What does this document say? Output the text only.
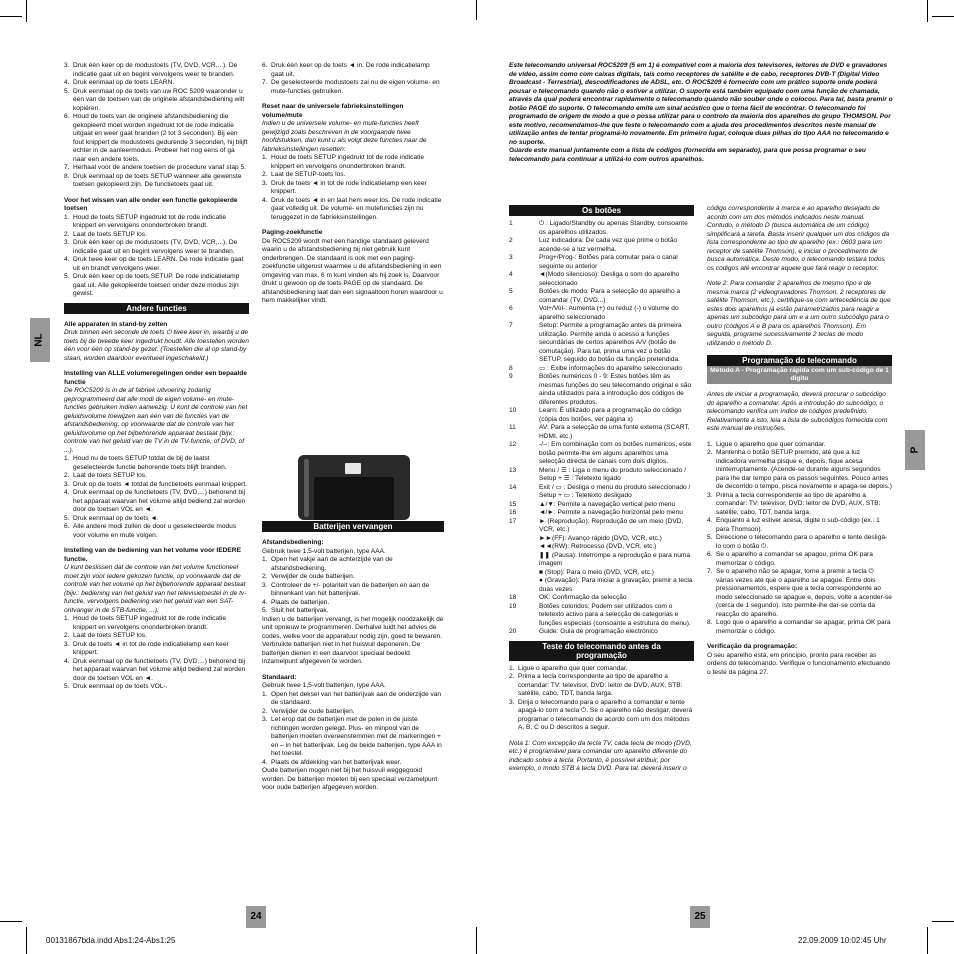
NL
P
24	25
00131867bda.indd Abs1:24-Abs1:25	22.09.2009 10:02:45 Uhr
3. Druk één keer op de modustoets (TV, DVD, VCR,...). De indicatie gaat uit en begint vervolgens weer te branden.
4. Druk eenmaal op de toets LEARN.
5. Druk eenmaal op de toets van uw ROC 5209 waaronder u één van de toetsen van de originele afstandsbediening wilt kopiëren.
6. Houd de toets van de originele afstandsbediening die gekopieerd moet worden ingedrukt tot de rode indicatie uitgaat en weer gaat branden (2 tot 3 seconden). Bij een fout knippert de modustoets gedurende 3 seconden, hij blijft echter in de aanleermodus. Probeer het nog eens of ga naar een andere toets.
7. Herhaal voor de andere toetsen de procedure vanaf stap 5.
8. Druk eenmaal op de toets SETUP wanneer alle gewenste toetsen gekopieerd zijn. De functietoets gaat uit.
Voor het wissen van alle onder een functie gekopieerde toetsen
1. Houd de toets SETUP ingedrukt tot de rode indicatie knippert en vervolgens ononderbroken brandt.
2. Laat de toets SETUP los.
3. Druk één keer op de modustoets (TV, DVD, VCR,...). De indicatie gaat uit en begint vervolgens weer te branden.
4. Druk twee keer op de toets LEARN. De rode indicatie gaat uit en brandt vervolgens weer.
5. Druk één keer op de toets SETUP. De rode indicatielamp gaat uit. Alle gekopieerde toetsen onder deze modus zijn gewist.
Andere functies
Alle apparaten in stand-by zetten
Druk binnen een seconde de toets ⏻ twee keer in, waarbij u de toets bij de tweede keer ingedrukt houdt. Alle toestellen worden één voor één op stand-by gezet. (Toestellen die al op stand-by staan, worden daardoor eventueel ingeschakeld.)
Instelling van ALLE volumeregelingen onder een bepaalde functie
De ROC5209 is in de af fabriek uitvoering zodanig geprogrammeerd dat alle modi de eigen volume- en mute-functies gebruiken indien aanwezig. U kunt de controle van het geluidsvolume toewijzen aan één van de functies van de afstandsbediening, op voorwaarde dat de controle van het geluidsvolume op het bijbehorende apparaat bestaat (bijv.: controle van het geluid van de TV in de TV-functie, of DVD, of ...).
1. Houd nu de toets SETUP totdat de bij de laatst geselecteerde functie behorende toets blijft branden.
2. Laat de toets SETUP los.
3. Druk op de toets ◄ totdat de functietoets eenmaal knippert.
4. Druk eenmaal op de functietoets (TV, DVD,...) behorend bij het apparaat waarvan het volume altijd bediend zal worden door de toetsen VOL en ◄.
5. Druk eenmaal op de toets ◄.
6. Alle andere modi zullen de door u geselecteerde modus voor volume en mute volgen.
Instelling van de bediening van het volume voor IEDERE functie.
U kunt beslissen dat de controle van het volume functioneel moet zijn voor iedere gekozen functie, op voorwaarde dat de controle van het volume op het bijbehorende apparaat bestaat (bijv.: bediening van het geluid van het televisietoestel in de tv-functie, vervolgens bediening van het geluid van een SAT-ontvanger in de STB-functie, ...).
1. Houd de toets SETUP ingedrukt tot de rode indicatie knippert en vervolgens ononderbroken brandt.
2. Laat de toets SETUP los.
3. Druk de toets ◄ in tot de rode indicatielamp een keer knippert.
4. Druk eenmaal op de functietoets (TV, DVD,...) behorend bij het apparaat waarvan het volume altijd bediend zal worden door de toetsen VOL en ◄.
5. Druk eenmaal op de toets VOL-.
6. Druk één keer op de toets ◄ in. De rode indicatielamp gaat uit.
7. De geselecteerde modustoets zal nu de eigen volume- en mute-functies gebruiken.
Reset naar de universele fabrieksinstellingen volume/mute
Indien u de universele volume- en mute-functies heeft gewijzigd zoals beschreven in de voorgaande twee hoofdstukken, dan kunt u als volgt deze functies naar de fabrieksinstellingen resetten:
1. Houd de toets SETUP ingedrukt tot de rode indicatie knippert en vervolgens ononderbroken brandt.
2. Laat de SETUP-toets los.
3. Druk de toets ◄ in tot de rode indicatielamp een keer knippert.
4. Druk de toets ◄ in en laat hem weer los. De rode indicatie gaat volledig uit. De volume- en mutefuncties zijn nu teruggezet in de fabrieksinstellingen.
Paging-zoekfunctie
De ROC5209 wordt met een handige standaard geleverd waarin u de afstandsbediening bij niet gebruik kunt onderbrengen. De standaard is ook met een paging-zoekfunctie uitgerust waarmee u de afstandsbediening in een omgeving van max. 6 m kunt vinden als hij zoek is. Daarvoor drukt u gewoon op de toets PAGE op de standaard. De afstandsbediening laat dan een signaaltoon horen waardoor u hem makkelijker vindt.
Batterijen vervangen
Afstandsbediening:
Gebruik twee 1,5-volt batterijen, type AAA.
1. Open het vakje aan de achterzijde van de afstandsbediening.
2. Verwijder de oude batterijen.
3. Controleer de +/- polariteit van de batterijen en aan de binnenkant van het batterijvak.
4. Plaats de batterijen.
5. Sluit het batterijvak.
Indien u de batterijen vervangt, is het mogelijk noodzakelijk de unit opnieuw te programmeren. Derhalve luidt het advies de codes, welke voor de apparatuur nodig zijn, goed te bewaren.
Verbruikte batterijen niet in het huisvuil deponeren. De batterijen dienen in een daarvoor speciaal bedoeld inzamelpunt afgegeven te worden.
Standaard:
Gebruik twee 1,5-volt batterijen, type AAA.
1. Open het deksel van het batterijvak aan de onderzijde van de standaard.
2. Verwijder de oude batterijen.
3. Let erop dat de batterijen met de polen in de juiste richtingen worden gelegd. Plus- en minpool van de batterijen moeten overeenstemmen met de markeringen + en – in het batterijvak. Leg de beide batterijen, type AAA in het toestel.
4. Plaats de afdekking van het batterijvak weer.
Oude batterijen mogen niet bij het huisvuil weggegooid worden. De batterijen moeten bij een speciaal verzamelpunt voor oude batterijen afgegeven worden.
Este telecomando universal ROC5209 (5 em 1) é compatível com a maioria dos televisores, leitores de DVD e gravadores de vídeo, assim como com caixas digitais, tais como receptores de satélite e de cabo, receptores DVB-T (Digital Video Broadcast - Terrestrial), descodificadores de ADSL, etc. O ROC5209 é fornecido com um prático suporte onde poderá pousar o telecomando quando não o estiver a utilizar. O suporte está também equipado com uma função de chamada, através da qual poderá encontrar rapidamente o telecomando quando não souber onde o colocou. Para tal, basta premir o botão PAGE do suporte. O telecomando emite um sinal acústico que o torna fácil de encontrar. O telecomando foi programado de origem de modo a que o possa utilizar para o controlo da maioria dos aparelhos do grupo THOMSON. Por este motivo, recomendamos-lhe que teste o telecomando com a ajuda dos procedimentos descritos neste manual de utilização antes de tentar programá-lo novamente. Em primeiro lugar, coloque duas pilhas do tipo AAA no telecomando e no suporte.
Guarde este manual juntamente com a lista de códigos (fornecida em separado), para que possa programar o seu telecomando para continuar a utilizá-lo com outros aparelhos.
Os botões
1	⏻ : Ligado/Standby ou apenas Standby, consoante os aparelhos utilizados.
2	Luz indicadora: De cada vez que prime o botão acende-se a luz vermelha.
3	Prog+/Prog-: Botões para comutar para o canal seguinte ou anterior
4	◄(Modo silencioso): Desliga o som do aparelho seleccionado
5	Botões de modo: Para a selecção do aparelho a comandar (TV, DVD...)
6	Vol+/Vol-: Aumenta (+) ou reduz (-) o volume do aparelho seleccionado
7	Setup: Permite a programação antes da primeira utilização. Permite ainda o acesso a funções secundárias de certos aparelhos A/V (botão de comutação). Para tal, prima uma vez o botão SETUP, seguido do botão da função pretendida.
8	▭ : Exibe informações do aparelho seleccionado
9	Botões numéricos 0 - 9: Estes botões têm as mesmas funções do seu telecomando original e são ainda utilizados para a introdução dos códigos de diferentes produtos.
10	Learn: É utilizado para a programação do código (cópia dos botões, ver página x)
11	AV: Para a selecção de uma fonte externa (SCART, HDMI, etc.)
12	-/--: Em combinação com os botões numéricos, este botão permite-lhe em alguns aparelhos uma selecção directa de canais com dois dígitos.
13	Menu / ☰ : Liga o menu do produto seleccionado / Setup + ☰ : Teletexto ligado
14	Exit / ▭ : Desliga o menu do produto seleccionado / Setup + ▭ : Teletexto desligado
15	▲/▼: Permite a navegação vertical pelo menu
16	◄/►: Permite a navegação horizontal pelo menu
17	► (Reprodução): Reprodução de um meio (DVD, VCR, etc.)
►►(FF): Avanço rápido (DVD, VCR, etc.)
◄◄(RW): Retrocesso (DVD, VCR, etc.)
❚❚ (Pausa): Interrompe a reprodução e para numa imagem
■ (Stop): Para o meio (DVD, VCR, etc.)
● (Gravação): Para iniciar a gravação, premir a tecla duas vezes
18	OK: Confirmação da selecção
19	Botões coloridos: Podem ser utilizados com o teletexto activo para a selecção de categorias e funções especiais (consoante a estrutura do menu).
20	Guide: Guia de programação electrónico
Teste do telecomando antes da programação
1. Ligue o aparelho que quer comandar.
2. Prima a tecla correspondente ao tipo de aparelho a comandar: TV: televisor, DVD: leitor de DVD, AUX, STB: satélite, cabo, TDT, banda larga.
3. Dirija o telecomando para o aparelho a comandar e tente apagá-lo com a tecla ⏻. Se o aparelho não desligar, deverá programar o telecomando de acordo com um dos métodos A, B, C ou D descritos a seguir.
Nota 1: Com excepção da tecla TV, cada tecla de modo (DVD, etc.) é programável para comandar um aparelho diferente do indicado sobre a tecla. Portanto, é possível atribuir, por exemplo, o modo STB à tecla DVD. Para tal, deverá inserir o
código correspondente à marca e ao aparelho desejado de acordo com um dos métodos indicados neste manual. Contudo, o método D (busca automática de um código) simplificará a tarefa. Basta inserir qualquer um dos códigos da lista correspondente ao tipo de aparelho (ex.: 0603 para um receptor de satélite Thomson), e iniciar o procedimento de busca automática. Deste modo, o telecomando testará todos os códigos até encontrar aquele que fará reagir o receptor.
Note 2: Para comandar 2 aparelhos de mesmo tipo e de mesma marca (2 videogravadores Thomson, 2 receptores de satélite Thomson, etc.), certifique-se com antecedência de que estes dois aparelhos já estão parametrizados para reagir a apenas um subcódigo para um e a um outro subcódigo para o outro (códigos A e B para os aparelhos Thomson). Em seguida, programe sucessivamente 2 teclas de modo utilizando o método D.
Programação do telecomando
Método A - Programação rápida com um sub-código de 1 digito
Antes de iniciar a programação, deverá procurar o subcódigo do aparelho a comandar. Após a introdução do subcódigo, o telecomando verifica um índice de códigos predefinido. Relativamente a isto, leia a lista de subcódigos fornecida com este manual de instruções.
1. Ligue o aparelho que quer comandar.
2. Mantenha o botão SETUP premido, até que a luz indicadora vermelha pisque e, depois, fique acesa ininterruptamente. (Acende-se durante alguns segundos para lhe dar tempo para os passos seguintes. Pouco antes de decorrido o tempo, pisca novamente e apaga-se depois.)
3. Prima a tecla correspondente ao tipo de aparelho a comandar: TV: televisor, DVD: leitor de DVD, AUX, STB: satélite, cabo, TDT, banda larga.
4. Enquanto a luz estiver acesa, digite o sub-código (ex.: 1 para Thomson).
5. Direccione o telecomando para o aparelho e tente desligá-lo com o botão ⏻.
6. Se o aparelho a comandar se apagou, prima OK para memorizar o código.
7. Se o aparelho não se apagar, torne a premir a tecla ⏻ várias vezes até que o aparelho se apague. Entre dois pressionamentos, espere que a tecla correspondente ao modo seleccionado se apague e, depois, volte a acender-se (cerca de 1 segundo). Isto permite-lhe dar-se conta da reacção do aparelho.
8. Logo que o aparelho a comandar se apagar, prima OK para memorizar o código.
Verificação da programação:
O seu aparelho está, em princípio, pronto para receber as ordens do telecomando. Verifique o funcionamento efectuando o teste da página 27.
